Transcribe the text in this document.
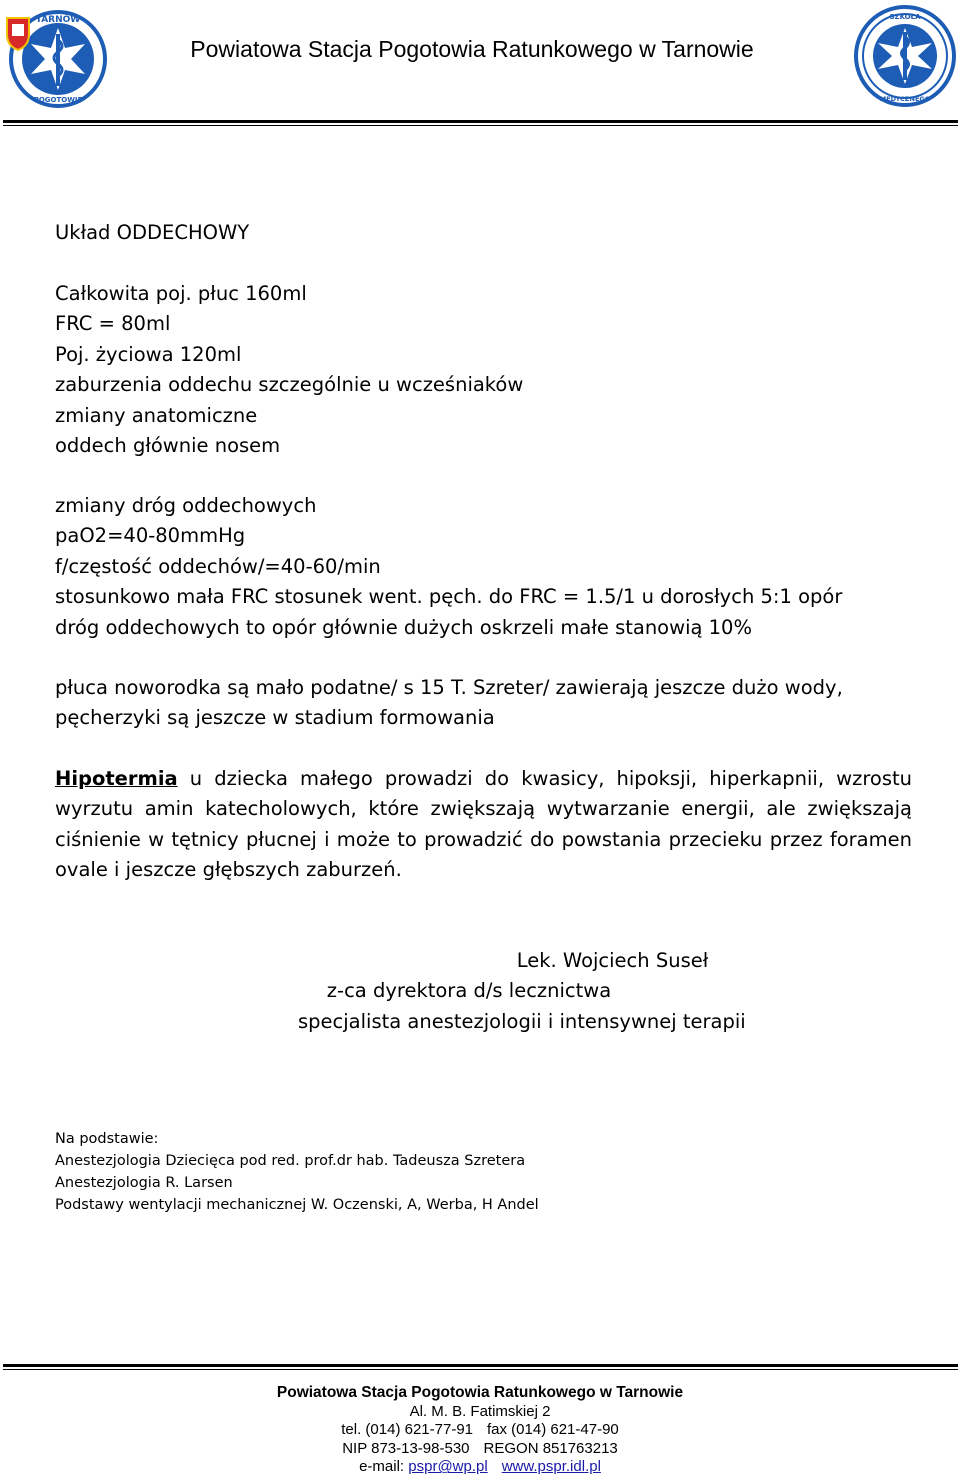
TARNÓW
POGOTOWIE
SZKOŁA
MEDYCZNEGO
Powiatowa Stacja Pogotowia Ratunkowego w Tarnowie
Układ ODDECHOWY
Całkowita poj. płuc 160ml
FRC = 80ml
Poj. życiowa 120ml
zaburzenia oddechu szczególnie u wcześniaków
zmiany anatomiczne
oddech głównie nosem
zmiany dróg oddechowych
paO2=40-80mmHg
f/częstość oddechów/=40-60/min
stosunkowo mała FRC stosunek went. pęch. do FRC = 1.5/1 u dorosłych 5:1 opór
dróg oddechowych to opór głównie dużych oskrzeli małe stanowią 10%
płuca noworodka są mało podatne/ s 15 T. Szreter/ zawierają jeszcze dużo wody,
pęcherzyki są jeszcze w stadium formowania
Hipotermia u dziecka małego prowadzi do kwasicy, hipoksji, hiperkapnii, wzrostu wyrzutu amin katecholowych, które zwiększają wytwarzanie energii, ale zwiększają ciśnienie w tętnicy płucnej i może to prowadzić do powstania przecieku przez foramen ovale i jeszcze głębszych zaburzeń.
Lek. Wojciech Suseł
z-ca dyrektora d/s lecznictwa
specjalista anestezjologii i intensywnej terapii
Na podstawie:
Anestezjologia Dziecięca pod red. prof.dr hab. Tadeusza Szretera
Anestezjologia R. Larsen
Podstawy wentylacji mechanicznej W. Oczenski, A, Werba, H Andel
Powiatowa Stacja Pogotowia Ratunkowego w Tarnowie
Al. M. B. Fatimskiej 2
tel. (014) 621-77-91 fax (014) 621-47-90
NIP 873-13-98-530 REGON 851763213
e-mail: pspr@wp.pl www.pspr.idl.pl
